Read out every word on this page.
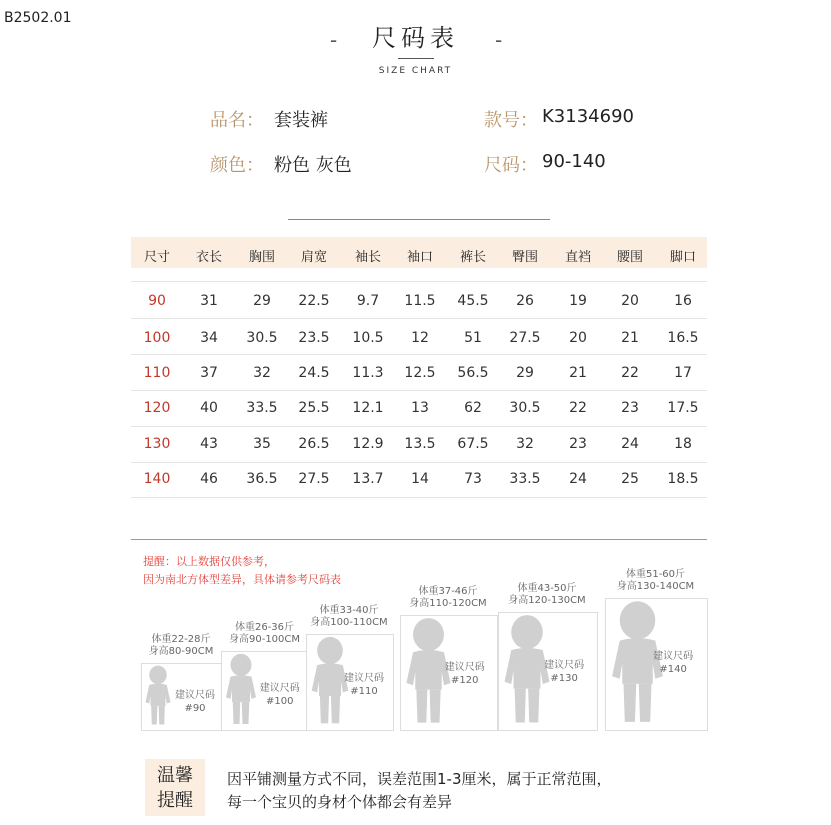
B2502.01
-	尺码表	-
SIZE CHART
品名： 套装裤	款号： K3134690
颜色： 粉色 灰色	尺码： 90-140
尺寸	衣长	胸围	肩宽	袖长	袖口	裤长	臀围	直裆	腰围	脚口
90	31	29	22.5	9.7	11.5	45.5	26	19	20	16
100	34	30.5	23.5	10.5	12	51	27.5	20	21	16.5
110	37	32	24.5	11.3	12.5	56.5	29	21	22	17
120	40	33.5	25.5	12.1	13	62	30.5	22	23	17.5
130	43	35	26.5	12.9	13.5	67.5	32	23	24	18
140	46	36.5	27.5	13.7	14	73	33.5	24	25	18.5
提醒：以上数据仅供参考，
因为南北方体型差异，具体请参考尺码表
建议尺码
#90
体重22-28斤
身高80-90CM
建议尺码
#100
体重26-36斤
身高90-100CM
建议尺码
#110
体重33-40斤
身高100-110CM
建议尺码
#120
体重37-46斤
身高110-120CM
建议尺码
#130
体重43-50斤
身高120-130CM
建议尺码
#140
体重51-60斤
身高130-140CM
温馨
提醒
因平铺测量方式不同，误差范围1-3厘米，属于正常范围，
每一个宝贝的身材个体都会有差异
